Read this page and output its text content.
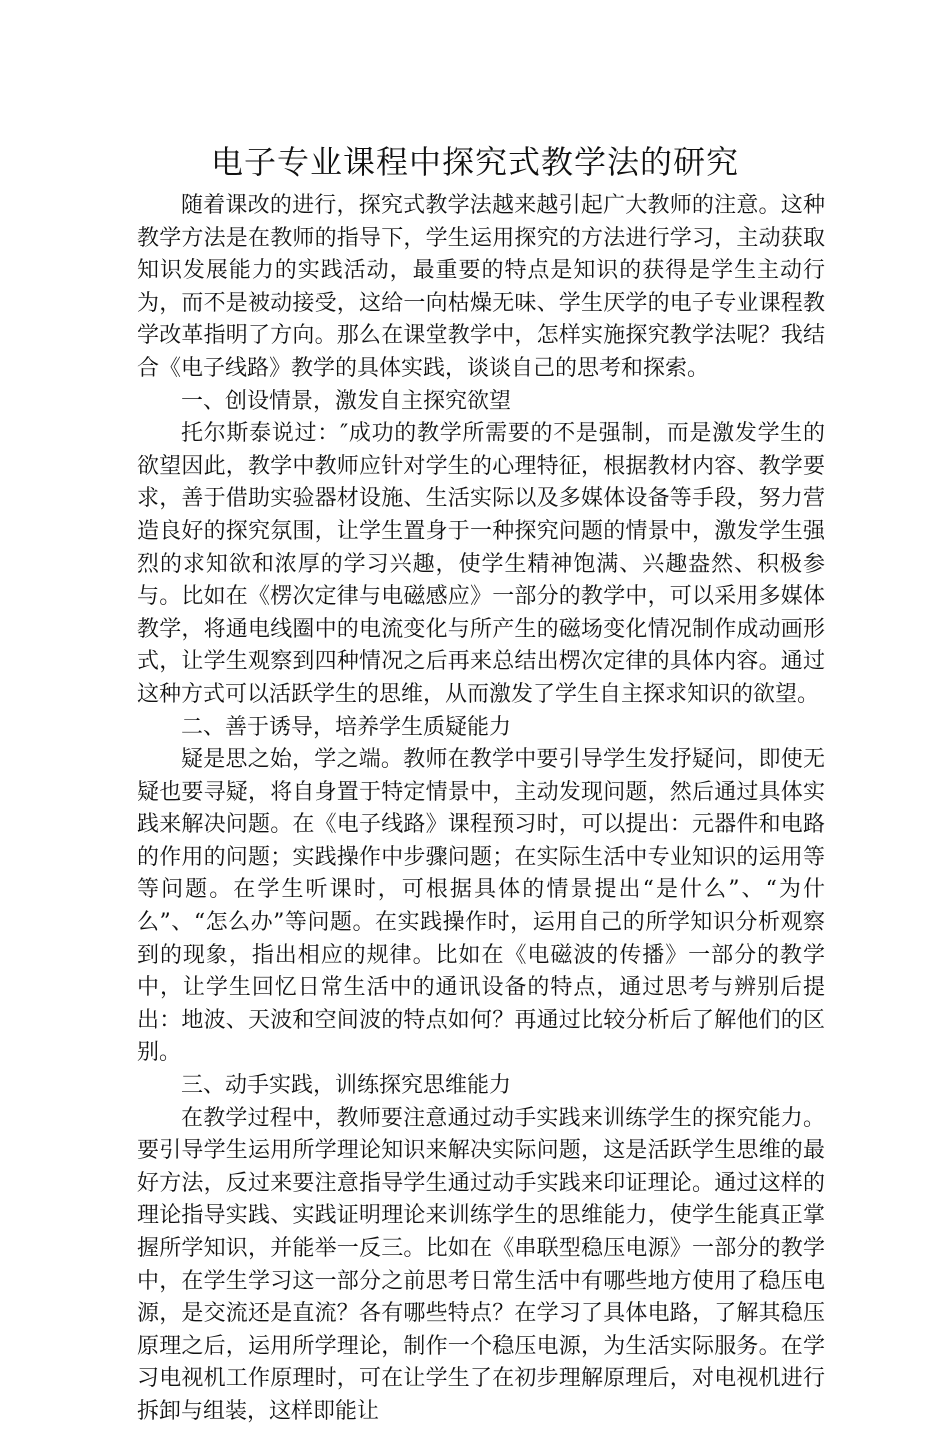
电子专业课程中探究式教学法的研究

随着课改的进行，探究式教学法越来越引起广大教师的注意。这种教学方法是在教师的指导下，学生运用探究的方法进行学习，主动获取知识发展能力的实践活动，最重要的特点是知识的获得是学生主动行为，而不是被动接受，这给一向枯燥无味、学生厌学的电子专业课程教学改革指明了方向。那么在课堂教学中，怎样实施探究教学法呢？我结合《电子线路》教学的具体实践，谈谈自己的思考和探索。

一、创设情景，激发自主探究欲望

托尔斯泰说过：″成功的教学所需要的不是强制，而是激发学生的欲望因此，教学中教师应针对学生的心理特征，根据教材内容、教学要求，善于借助实验器材设施、生活实际以及多媒体设备等手段，努力营造良好的探究氛围，让学生置身于一种探究问题的情景中，激发学生强烈的求知欲和浓厚的学习兴趣，使学生精神饱满、兴趣盎然、积极参与。比如在《楞次定律与电磁感应》一部分的教学中，可以采用多媒体教学，将通电线圈中的电流变化与所产生的磁场变化情况制作成动画形式，让学生观察到四种情况之后再来总结出楞次定律的具体内容。通过这种方式可以活跃学生的思维，从而激发了学生自主探求知识的欲望。

二、善于诱导，培养学生质疑能力

疑是思之始，学之端。教师在教学中要引导学生发抒疑问，即使无疑也要寻疑，将自身置于特定情景中，主动发现问题，然后通过具体实践来解决问题。在《电子线路》课程预习时，可以提出：元器件和电路的作用的问题；实践操作中步骤问题；在实际生活中专业知识的运用等等问题。在学生听课时，可根据具体的情景提出“是什么”、“为什么”、“怎么办”等问题。在实践操作时，运用自己的所学知识分析观察到的现象，指出相应的规律。比如在《电磁波的传播》一部分的教学中，让学生回忆日常生活中的通讯设备的特点，通过思考与辨别后提出：地波、天波和空间波的特点如何？再通过比较分析后了解他们的区别。

三、动手实践，训练探究思维能力

在教学过程中，教师要注意通过动手实践来训练学生的探究能力。要引导学生运用所学理论知识来解决实际问题，这是活跃学生思维的最好方法，反过来要注意指导学生通过动手实践来印证理论。通过这样的理论指导实践、实践证明理论来训练学生的思维能力，使学生能真正掌握所学知识，并能举一反三。比如在《串联型稳压电源》一部分的教学中，在学生学习这一部分之前思考日常生活中有哪些地方使用了稳压电源，是交流还是直流？各有哪些特点？在学习了具体电路，了解其稳压原理之后，运用所学理论，制作一个稳压电源，为生活实际服务。在学习电视机工作原理时，可在让学生了在初步理解原理后，对电视机进行拆卸与组装，这样即能让
